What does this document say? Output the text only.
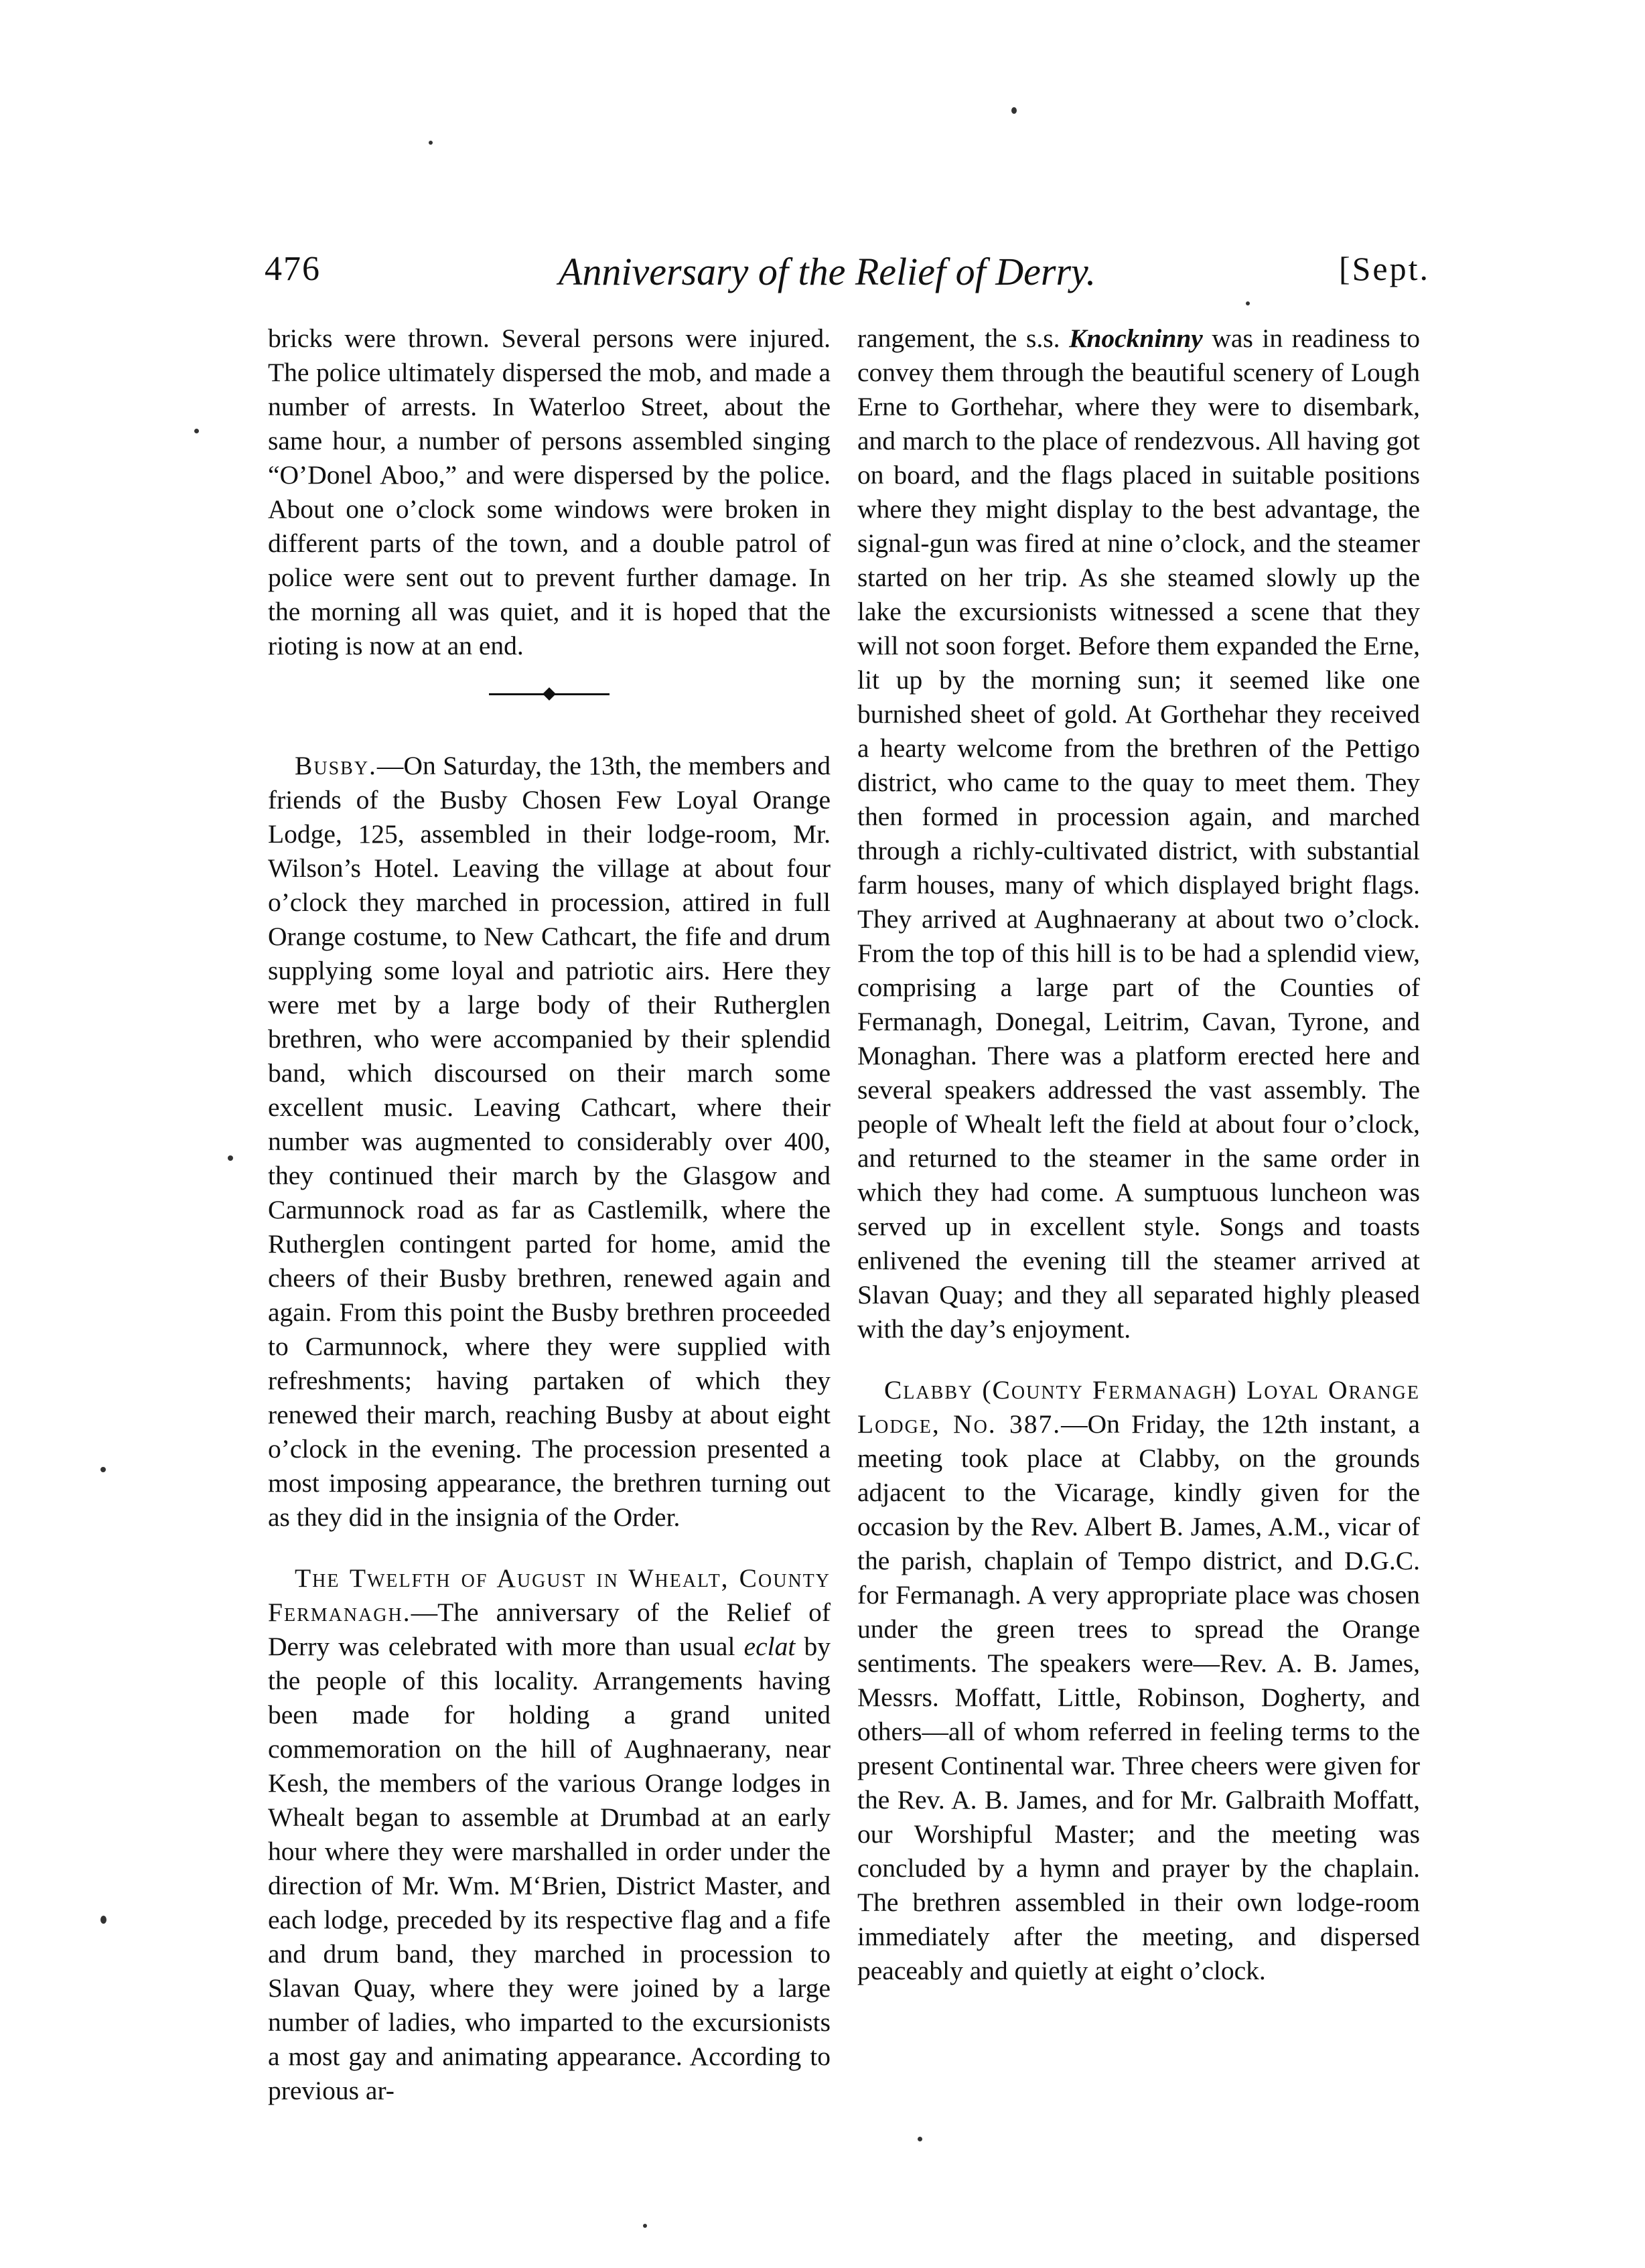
476	Anniversary of the Relief of Derry.	[Sept.

bricks were thrown. Several persons were injured. The police ultimately dispersed the mob, and made a number of arrests. In Waterloo Street, about the same hour, a number of persons assembled singing “O’Donel Aboo,” and were dispersed by the police. About one o’clock some windows were broken in different parts of the town, and a double patrol of police were sent out to prevent further damage. In the morning all was quiet, and it is hoped that the rioting is now at an end.

Busby.—On Saturday, the 13th, the members and friends of the Busby Chosen Few Loyal Orange Lodge, 125, assembled in their lodge-room, Mr. Wilson’s Hotel. Leaving the village at about four o’clock they marched in procession, attired in full Orange costume, to New Cathcart, the fife and drum supplying some loyal and patriotic airs. Here they were met by a large body of their Rutherglen brethren, who were accompanied by their splendid band, which discoursed on their march some excellent music. Leaving Cathcart, where their number was augmented to considerably over 400, they continued their march by the Glasgow and Carmunnock road as far as Castlemilk, where the Rutherglen contingent parted for home, amid the cheers of their Busby brethren, renewed again and again. From this point the Busby brethren proceeded to Carmunnock, where they were supplied with refreshments; having partaken of which they renewed their march, reaching Busby at about eight o’clock in the evening. The procession presented a most imposing appearance, the brethren turning out as they did in the insignia of the Order.

The Twelfth of August in Whealt, County Fermanagh.—The anniversary of the Relief of Derry was celebrated with more than usual eclat by the people of this locality. Arrangements having been made for holding a grand united commemoration on the hill of Aughnaerany, near Kesh, the members of the various Orange lodges in Whealt began to assemble at Drumbad at an early hour where they were marshalled in order under the direction of Mr. Wm. M‘Brien, District Master, and each lodge, preceded by its respective flag and a fife and drum band, they marched in procession to Slavan Quay, where they were joined by a large number of ladies, who imparted to the excursionists a most gay and animating appearance. According to previous ar-

rangement, the s.s. Knockninny was in readiness to convey them through the beautiful scenery of Lough Erne to Gorthehar, where they were to disembark, and march to the place of rendezvous. All having got on board, and the flags placed in suitable positions where they might display to the best advantage, the signal-gun was fired at nine o’clock, and the steamer started on her trip. As she steamed slowly up the lake the excursionists witnessed a scene that they will not soon forget. Before them expanded the Erne, lit up by the morning sun; it seemed like one burnished sheet of gold. At Gorthehar they received a hearty welcome from the brethren of the Pettigo district, who came to the quay to meet them. They then formed in procession again, and marched through a richly-cultivated district, with substantial farm houses, many of which displayed bright flags. They arrived at Aughnaerany at about two o’clock. From the top of this hill is to be had a splendid view, comprising a large part of the Counties of Fermanagh, Donegal, Leitrim, Cavan, Tyrone, and Monaghan. There was a platform erected here and several speakers addressed the vast assembly. The people of Whealt left the field at about four o’clock, and returned to the steamer in the same order in which they had come. A sumptuous luncheon was served up in excellent style. Songs and toasts enlivened the evening till the steamer arrived at Slavan Quay; and they all separated highly pleased with the day’s enjoyment.

Clabby (County Fermanagh) Loyal Orange Lodge, No. 387.—On Friday, the 12th instant, a meeting took place at Clabby, on the grounds adjacent to the Vicarage, kindly given for the occasion by the Rev. Albert B. James, A.M., vicar of the parish, chaplain of Tempo district, and D.G.C. for Fermanagh. A very appropriate place was chosen under the green trees to spread the Orange sentiments. The speakers were—Rev. A. B. James, Messrs. Moffatt, Little, Robinson, Dogherty, and others—all of whom referred in feeling terms to the present Continental war. Three cheers were given for the Rev. A. B. James, and for Mr. Galbraith Moffatt, our Worshipful Master; and the meeting was concluded by a hymn and prayer by the chaplain. The brethren assembled in their own lodge-room immediately after the meeting, and dispersed peaceably and quietly at eight o’clock.
